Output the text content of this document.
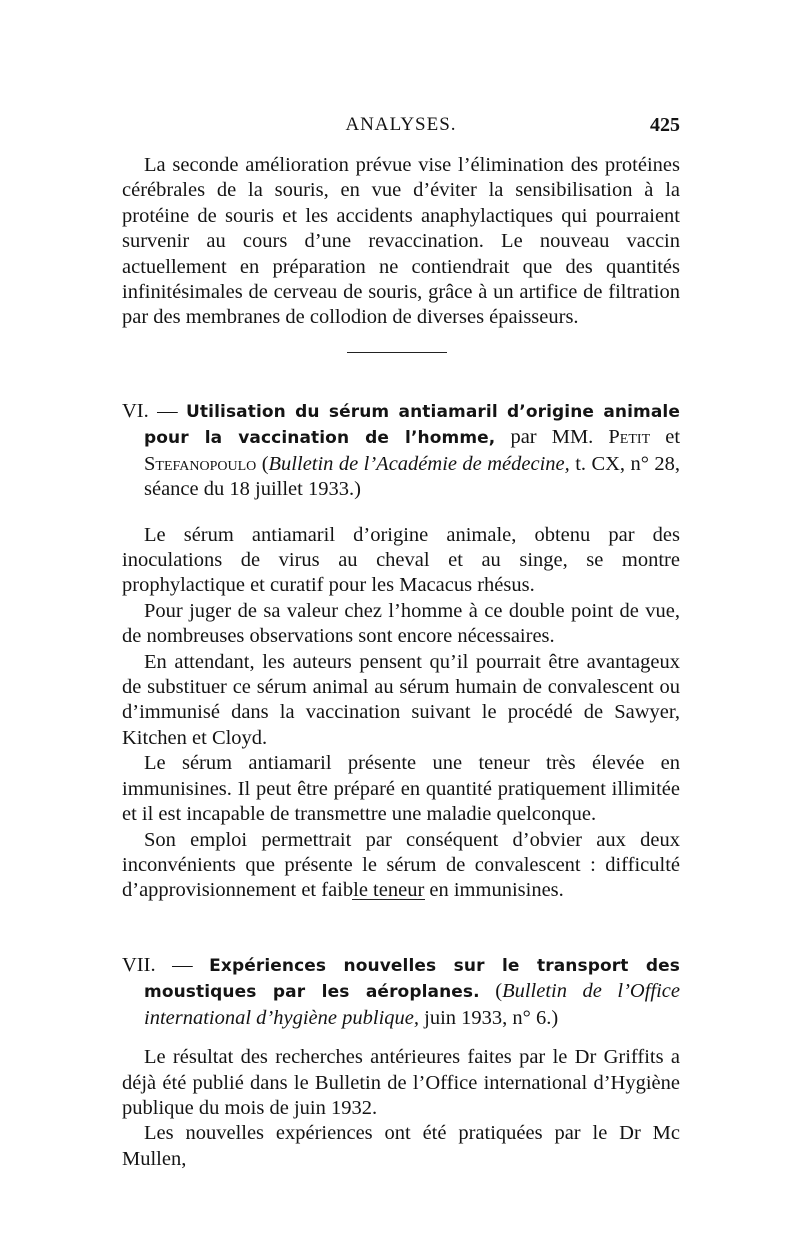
ANALYSES.	425

La seconde amélioration prévue vise l’élimination des protéines cérébrales de la souris, en vue d’éviter la sensibilisation à la protéine de souris et les accidents anaphylactiques qui pourraient survenir au cours d’une revaccination. Le nouveau vaccin actuellement en préparation ne contiendrait que des quantités infinitésimales de cerveau de souris, grâce à un artifice de filtration par des membranes de collodion de diverses épaisseurs.

VI. — Utilisation du sérum antiamaril d’origine animale pour la vaccination de l’homme, par MM. Petit et Stefanopoulo (Bulletin de l’Académie de médecine, t. CX, n° 28, séance du 18 juillet 1933.)

Le sérum antiamaril d’origine animale, obtenu par des inoculations de virus au cheval et au singe, se montre prophylactique et curatif pour les Macacus rhésus.

Pour juger de sa valeur chez l’homme à ce double point de vue, de nombreuses observations sont encore nécessaires.

En attendant, les auteurs pensent qu’il pourrait être avantageux de substituer ce sérum animal au sérum humain de convalescent ou d’immunisé dans la vaccination suivant le procédé de Sawyer, Kitchen et Cloyd.

Le sérum antiamaril présente une teneur très élevée en immunisines. Il peut être préparé en quantité pratiquement illimitée et il est incapable de transmettre une maladie quelconque.

Son emploi permettrait par conséquent d’obvier aux deux inconvénients que présente le sérum de convalescent : difficulté d’approvisionnement et faible teneur en immunisines.

VII. — Expériences nouvelles sur le transport des moustiques par les aéroplanes. (Bulletin de l’Office international d’hygiène publique, juin 1933, n° 6.)

Le résultat des recherches antérieures faites par le Dr Griffits a déjà été publié dans le Bulletin de l’Office international d’Hygiène publique du mois de juin 1932.

Les nouvelles expériences ont été pratiquées par le Dr Mc Mullen,
